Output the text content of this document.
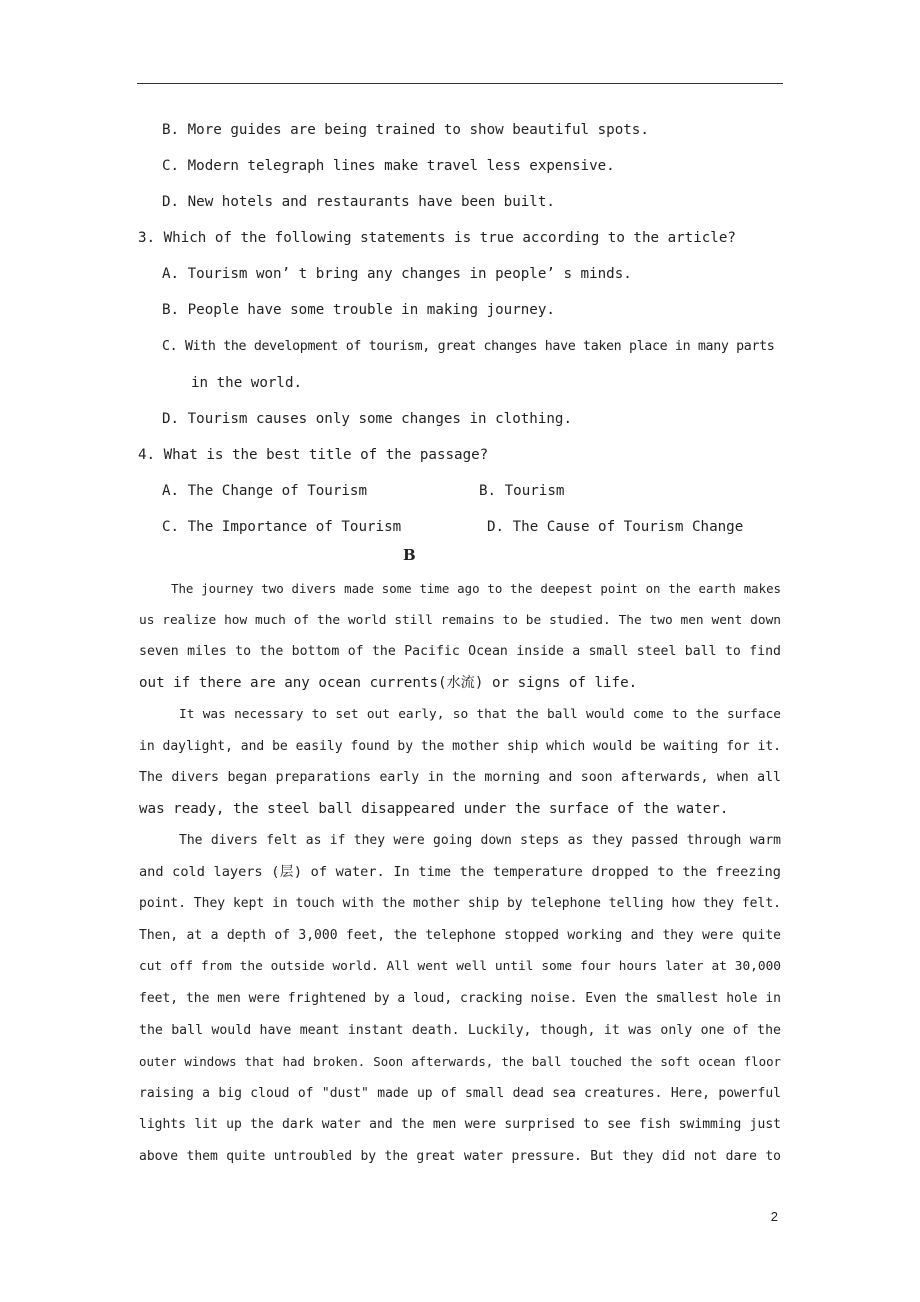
B. More guides are being trained to show beautiful spots.
C. Modern telegraph lines make travel less expensive.
D. New hotels and restaurants have been built.
3. Which of the following statements is true according to the article?
A. Tourism won’ t bring any changes in people’ s minds.
B. People have some trouble in making journey.
C. With the development of tourism, great changes have taken place in many parts
in the world.
D. Tourism causes only some changes in clothing.
4. What is the best title of the passage?
A. The Change of Tourism	B. Tourism
C. The Importance of Tourism	D. The Cause of Tourism Change
B
The journey two divers made some time ago to the deepest point on the earth makes
us realize how much of the world still remains to be studied. The two men went down
seven miles to the bottom of the Pacific Ocean inside a small steel ball to find
out if there are any ocean currents(水流) or signs of life.
It was necessary to set out early, so that the ball would come to the surface
in daylight, and be easily found by the mother ship which would be waiting for it.
The divers began preparations early in the morning and soon afterwards, when all
was ready, the steel ball disappeared under the surface of the water.
The divers felt as if they were going down steps as they passed through warm
and cold layers (层) of water. In time the temperature dropped to the freezing
point. They kept in touch with the mother ship by telephone telling how they felt.
Then, at a depth of 3,000 feet, the telephone stopped working and they were quite
cut off from the outside world. All went well until some four hours later at 30,000
feet, the men were frightened by a loud, cracking noise. Even the smallest hole in
the ball would have meant instant death. Luckily, though, it was only one of the
outer windows that had broken. Soon afterwards, the ball touched the soft ocean floor
raising a big cloud of "dust" made up of small dead sea creatures. Here, powerful
lights lit up the dark water and the men were surprised to see fish swimming just
above them quite untroubled by the great water pressure. But they did not dare to
2
